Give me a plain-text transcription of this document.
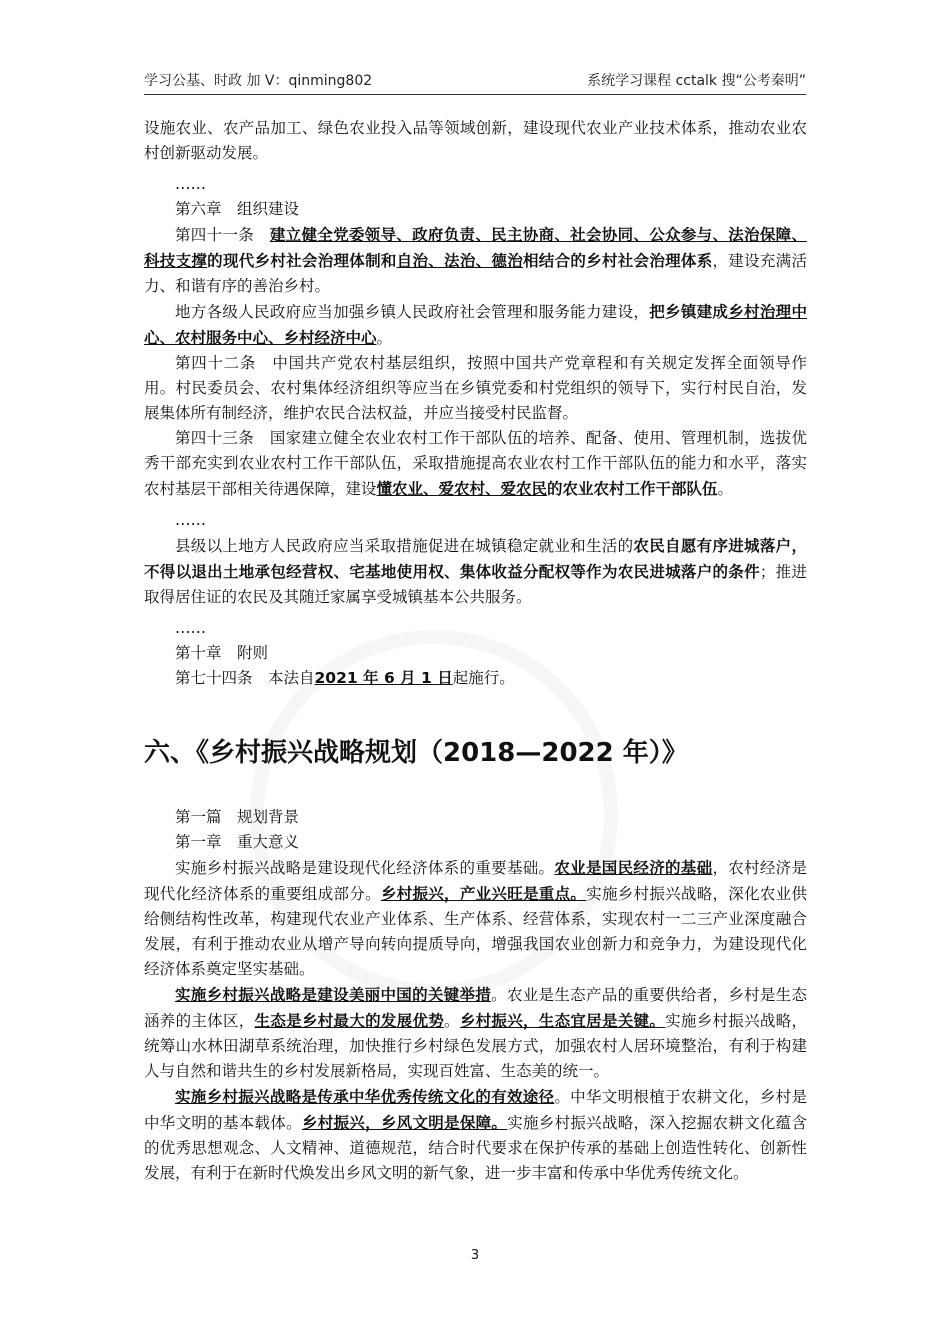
学习公基、时政 加 V：qinming802	系统学习课程 cctalk 搜“公考秦明”

设施农业、农产品加工、绿色农业投入品等领域创新，建设现代农业产业技术体系，推动农业农村创新驱动发展。

……

第六章　组织建设

第四十一条　建立健全党委领导、政府负责、民主协商、社会协同、公众参与、法治保障、科技支撑的现代乡村社会治理体制和自治、法治、德治相结合的乡村社会治理体系，建设充满活力、和谐有序的善治乡村。

地方各级人民政府应当加强乡镇人民政府社会管理和服务能力建设，把乡镇建成乡村治理中心、农村服务中心、乡村经济中心。

第四十二条　中国共产党农村基层组织，按照中国共产党章程和有关规定发挥全面领导作用。村民委员会、农村集体经济组织等应当在乡镇党委和村党组织的领导下，实行村民自治，发展集体所有制经济，维护农民合法权益，并应当接受村民监督。

第四十三条　国家建立健全农业农村工作干部队伍的培养、配备、使用、管理机制，选拔优秀干部充实到农业农村工作干部队伍，采取措施提高农业农村工作干部队伍的能力和水平，落实农村基层干部相关待遇保障，建设懂农业、爱农村、爱农民的农业农村工作干部队伍。

……

县级以上地方人民政府应当采取措施促进在城镇稳定就业和生活的农民自愿有序进城落户，不得以退出土地承包经营权、宅基地使用权、集体收益分配权等作为农民进城落户的条件；推进取得居住证的农民及其随迁家属享受城镇基本公共服务。

……

第十章　附则

第七十四条　本法自2021 年 6 月 1 日起施行。

六、《乡村振兴战略规划（2018—2022 年）》

第一篇　规划背景

第一章　重大意义

实施乡村振兴战略是建设现代化经济体系的重要基础。农业是国民经济的基础，农村经济是现代化经济体系的重要组成部分。乡村振兴，产业兴旺是重点。实施乡村振兴战略，深化农业供给侧结构性改革，构建现代农业产业体系、生产体系、经营体系，实现农村一二三产业深度融合发展，有利于推动农业从增产导向转向提质导向，增强我国农业创新力和竞争力，为建设现代化经济体系奠定坚实基础。

实施乡村振兴战略是建设美丽中国的关键举措。农业是生态产品的重要供给者，乡村是生态涵养的主体区，生态是乡村最大的发展优势。乡村振兴，生态宜居是关键。实施乡村振兴战略，统筹山水林田湖草系统治理，加快推行乡村绿色发展方式，加强农村人居环境整治，有利于构建人与自然和谐共生的乡村发展新格局，实现百姓富、生态美的统一。

实施乡村振兴战略是传承中华优秀传统文化的有效途径。中华文明根植于农耕文化，乡村是中华文明的基本载体。乡村振兴，乡风文明是保障。实施乡村振兴战略，深入挖掘农耕文化蕴含的优秀思想观念、人文精神、道德规范，结合时代要求在保护传承的基础上创造性转化、创新性发展，有利于在新时代焕发出乡风文明的新气象，进一步丰富和传承中华优秀传统文化。

3
